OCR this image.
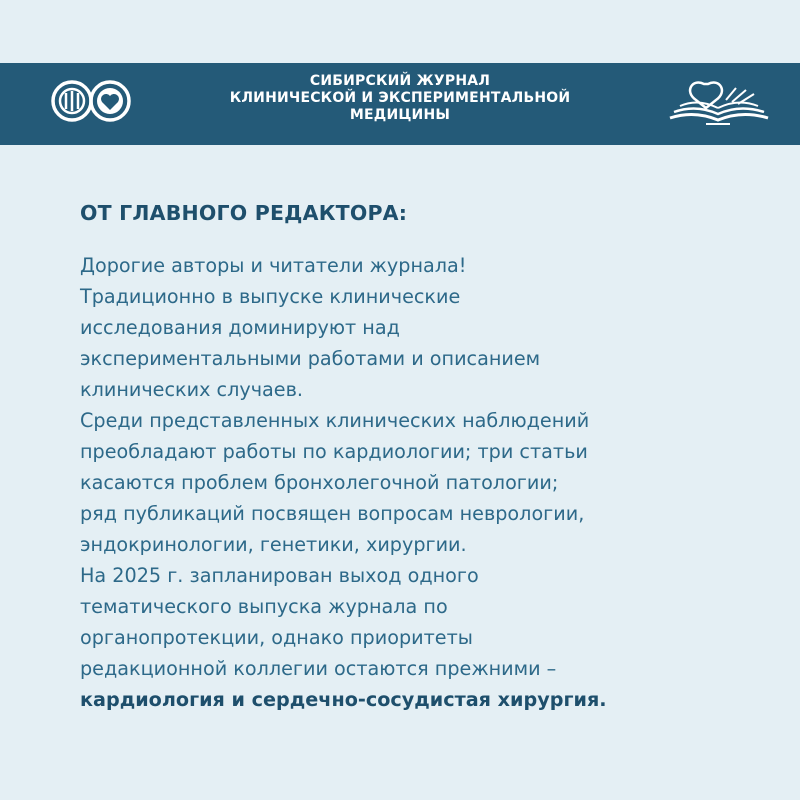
СИБИРСКИЙ ЖУРНАЛ
КЛИНИЧЕСКОЙ И ЭКСПЕРИМЕНТАЛЬНОЙ
МЕДИЦИНЫ
ОТ ГЛАВНОГО РЕДАКТОРА:
Дорогие авторы и читатели журнала!
Традиционно в выпуске клинические
исследования доминируют над
экспериментальными работами и описанием
клинических случаев.
Среди представленных клинических наблюдений
преобладают работы по кардиологии; три статьи
касаются проблем бронхолегочной патологии;
ряд публикаций посвящен вопросам неврологии,
эндокринологии, генетики, хирургии.
На 2025 г. запланирован выход одного
тематического выпуска журнала по
органопротекции, однако приоритеты
редакционной коллегии остаются прежними –
кардиология и сердечно-сосудистая хирургия.
